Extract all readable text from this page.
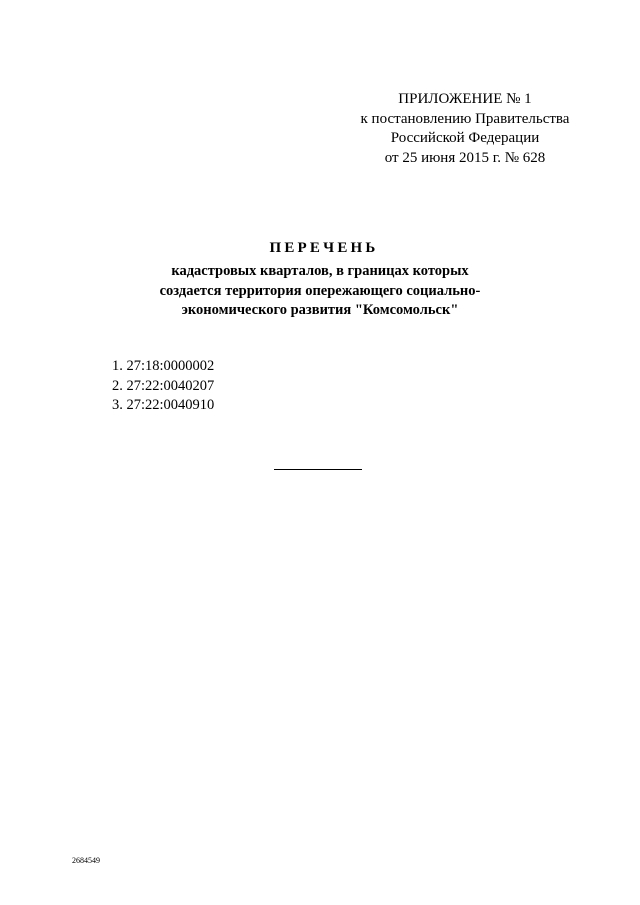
ПРИЛОЖЕНИЕ № 1
к постановлению Правительства
Российской Федерации
от 25 июня 2015 г. № 628
ПЕРЕЧЕНЬ
кадастровых кварталов, в границах которых
создается территория опережающего социально-
экономического развития "Комсомольск"
1. 27:18:0000002
2. 27:22:0040207
3. 27:22:0040910
2684549
